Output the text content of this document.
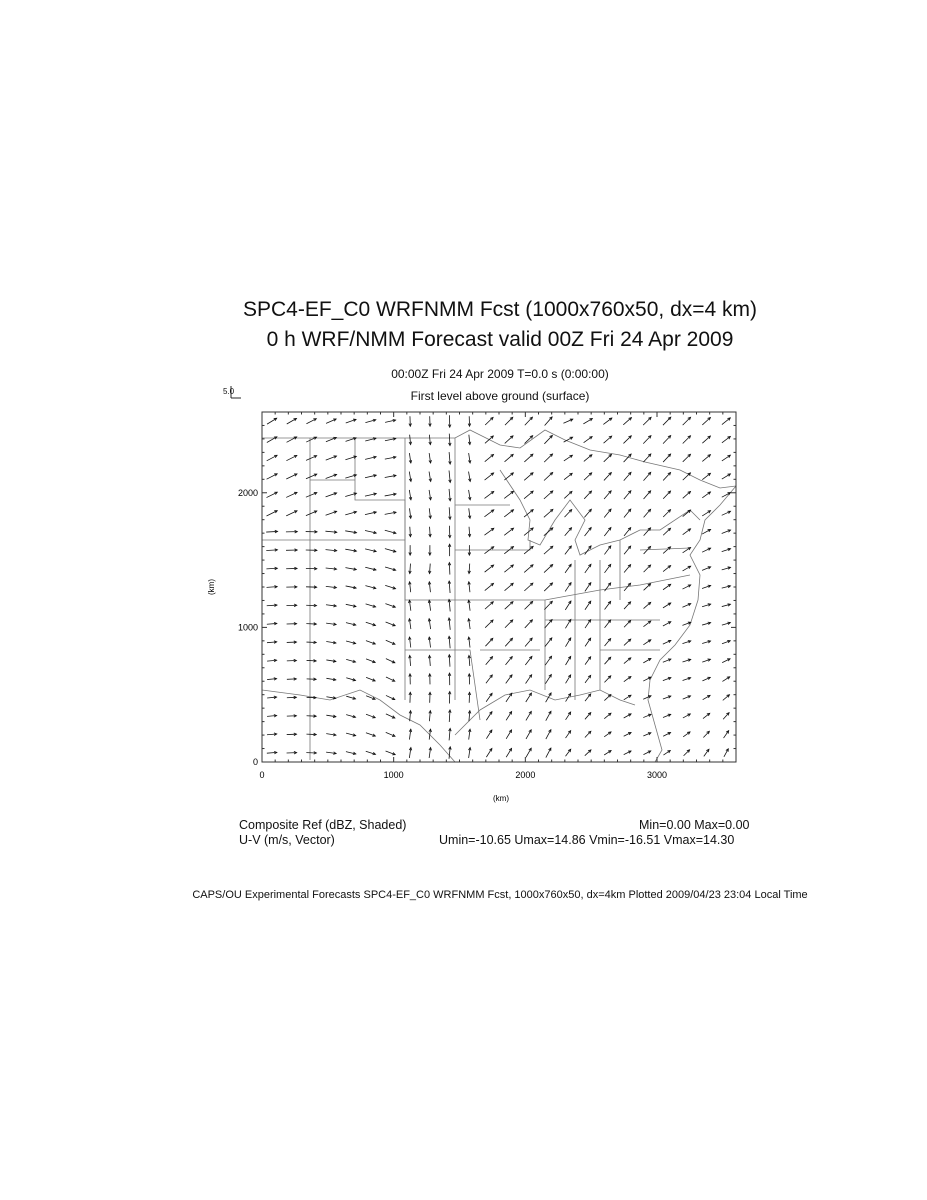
SPC4-EF_C0 WRFNMM Fcst (1000x760x50, dx=4 km)
0 h WRF/NMM Forecast valid 00Z Fri 24 Apr 2009
00:00Z Fri 24 Apr 2009 T=0.0 s (0:00:00)
First level above ground (surface)
5.0
0	1000	2000	3000
0
1000
2000
(km)
(km)
Composite Ref (dBZ, Shaded)	Min=0.00 Max=0.00
U-V (m/s, Vector)	Umin=-10.65 Umax=14.86 Vmin=-16.51 Vmax=14.30
CAPS/OU Experimental Forecasts SPC4-EF_C0 WRFNMM Fcst, 1000x760x50, dx=4km Plotted 2009/04/23 23:04 Local Time
